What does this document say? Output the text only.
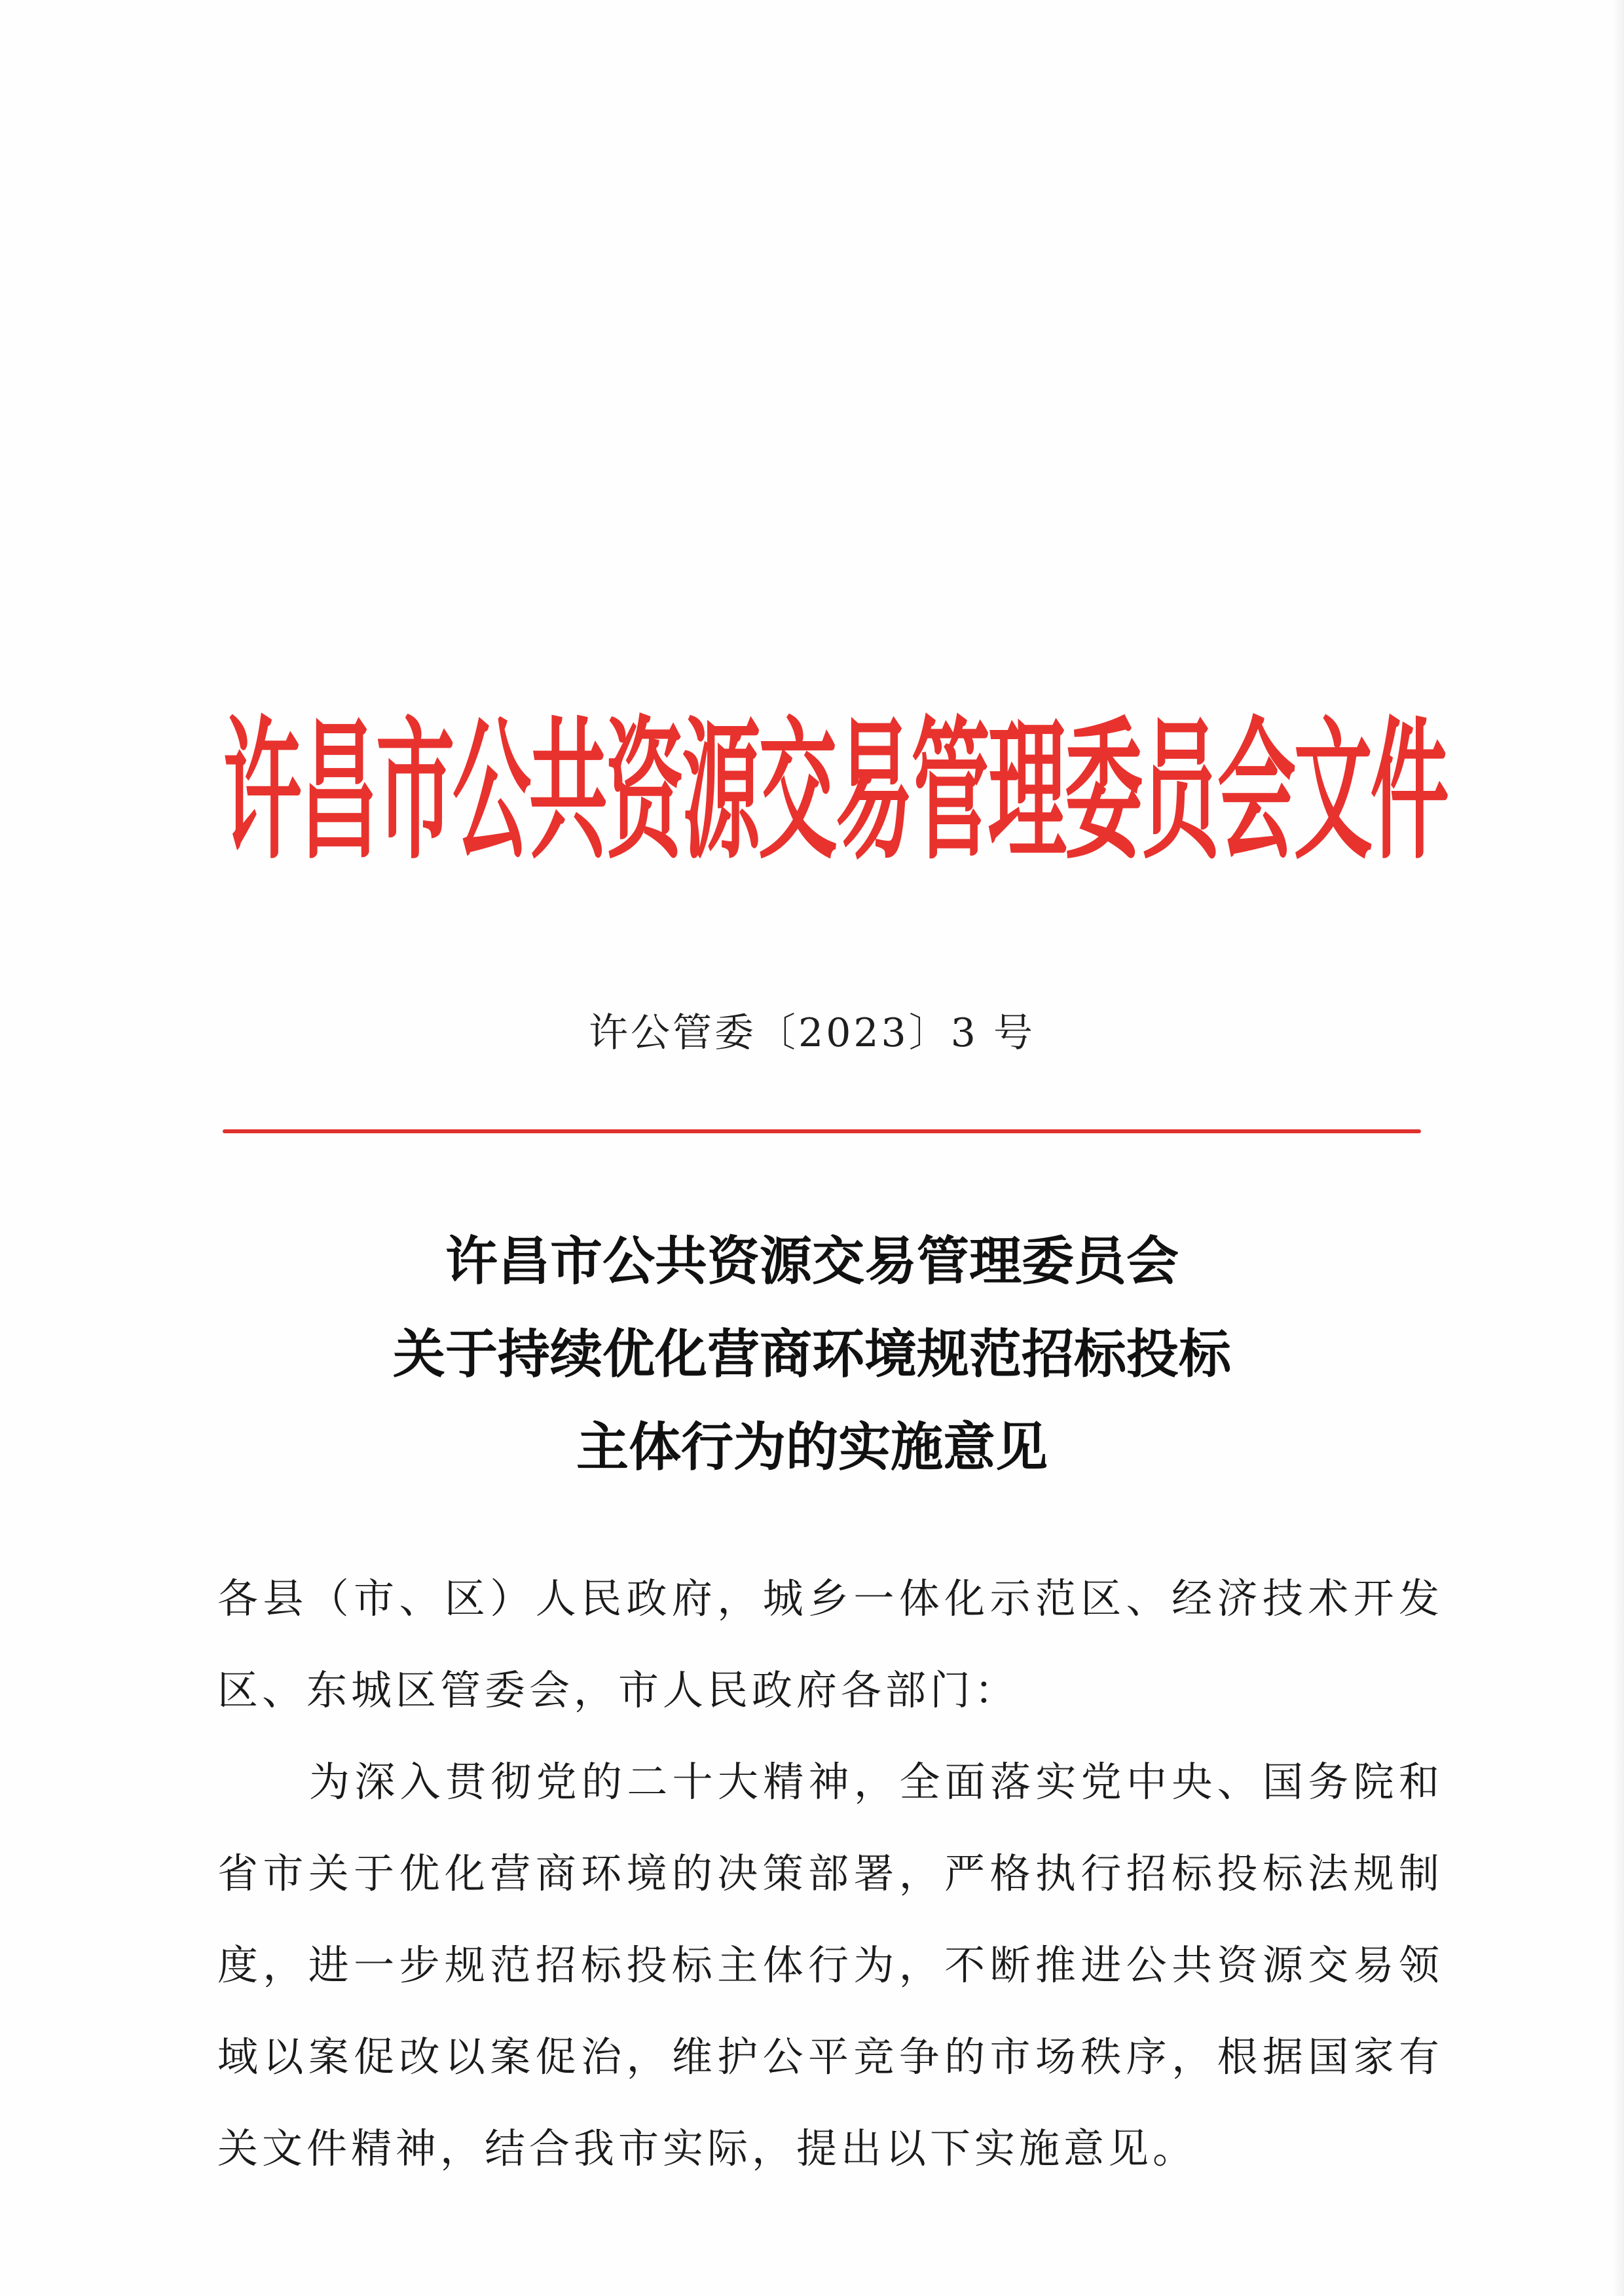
许昌市公共资源交易管理委员会文件
许公管委〔2023〕3 号
许昌市公共资源交易管理委员会
关于持续优化营商环境规范招标投标
主体行为的实施意见

各县（市、区）人民政府，城乡一体化示范区、经济技术开发区、东城区管委会，市人民政府各部门：

为深入贯彻党的二十大精神，全面落实党中央、国务院和省市关于优化营商环境的决策部署，严格执行招标投标法规制度，进一步规范招标投标主体行为，不断推进公共资源交易领域以案促改以案促治，维护公平竞争的市场秩序，根据国家有关文件精神，结合我市实际，提出以下实施意见。
